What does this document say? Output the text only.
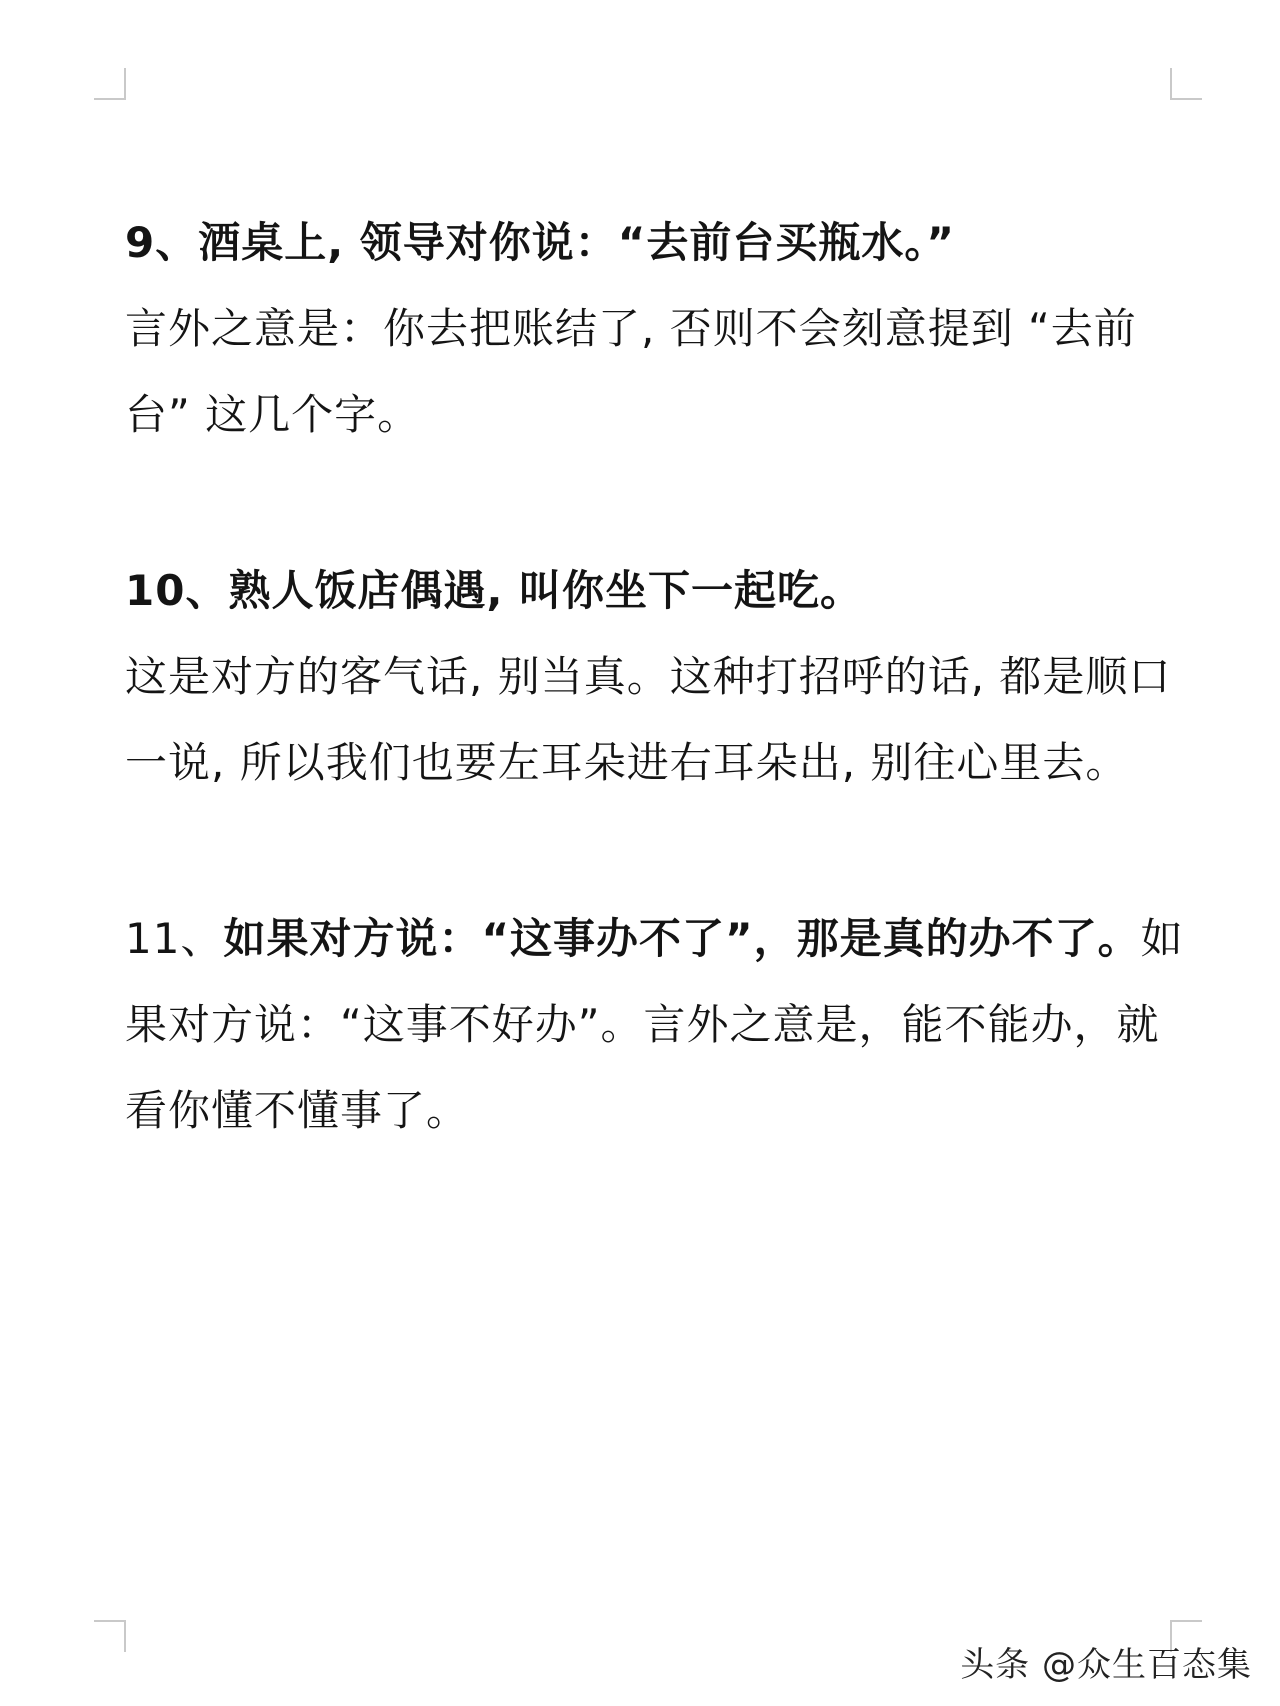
9、酒桌上, 领导对你说：“去前台买瓶水。”

言外之意是：你去把账结了, 否则不会刻意提到 “去前台” 这几个字。

10、熟人饭店偶遇, 叫你坐下一起吃。

这是对方的客气话, 别当真。这种打招呼的话, 都是顺口一说, 所以我们也要左耳朵进右耳朵出, 别往心里去。

11、如果对方说：“这事办不了”，那是真的办不了。如果对方说：“这事不好办”。言外之意是，能不能办，就看你懂不懂事了。

头条 @众生百态集
